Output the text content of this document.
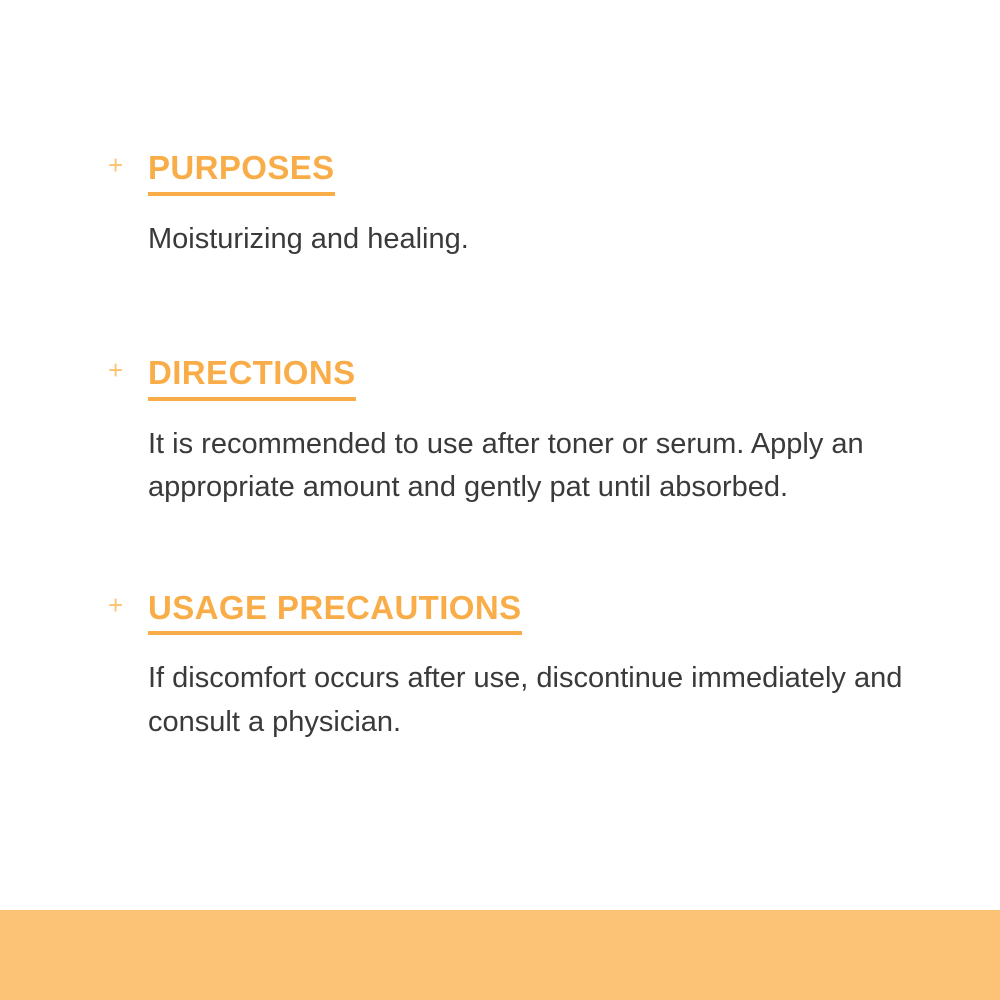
+ PURPOSES
Moisturizing and healing.
+ DIRECTIONS
It is recommended to use after toner or serum. Apply an appropriate amount and gently pat until absorbed.
+ USAGE PRECAUTIONS
If discomfort occurs after use, discontinue immediately and consult a physician.
